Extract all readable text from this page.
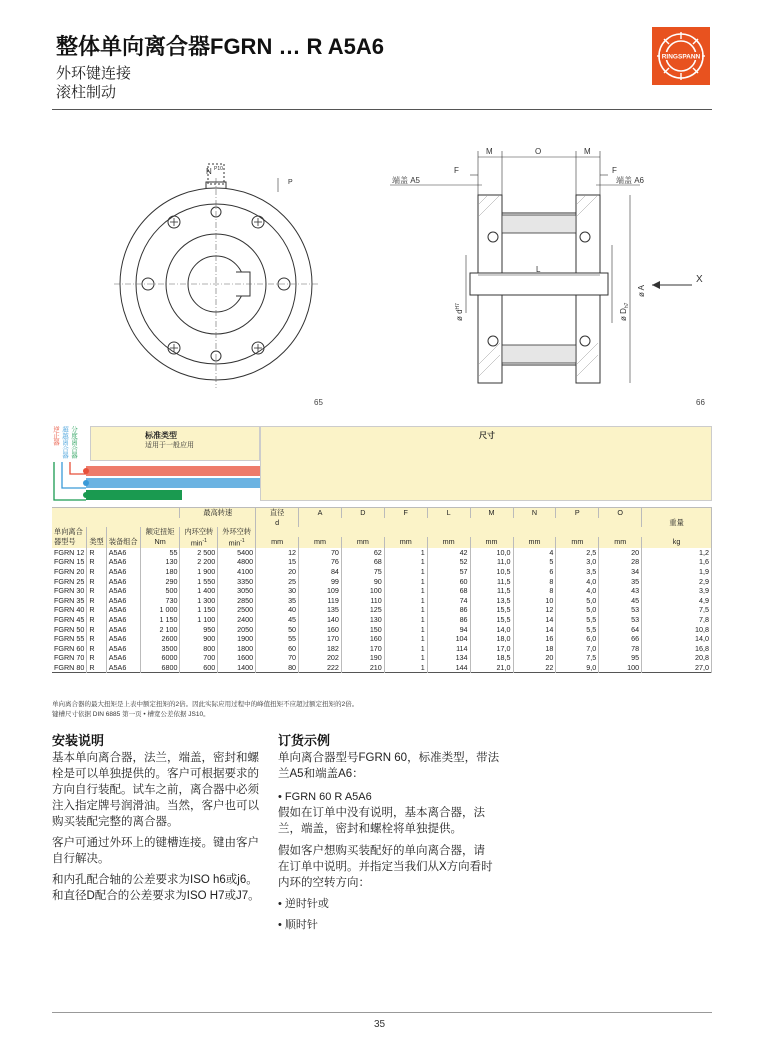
整体单向离合器FGRN … R A5A6
外环键连接
滚柱制动
RINGSPANN
N P10
P
65
M	O	M
F	F
端盖 A5	端盖 A6
L
ø $d^{H7}$
ø $D_{h7}$
ø A
X
66
逆止器 超越离合器 分度离合器	标准类型
适用于一般应用
尺寸
				最高转速		直径	A	D	F	L	M	N	P	O	
						d									重量
单向离合			额定扭矩	内环空转	外环空转										
器型号	类型	装备组合	Nm	$\min^{-1}$	$\min^{-1}$	mm	mm	mm	mm	mm	mm	mm	mm	mm	kg
FGRN 12	R	A5A6	55	2 500	5400	12	70	62	1	42	10,0	4	2,5	20	1,2
FGRN 15	R	A5A6	130	2 200	4800	15	76	68	1	52	11,0	5	3,0	28	1,6
FGRN 20	R	A5A6	180	1 900	4100	20	84	75	1	57	10,5	6	3,5	34	1,9
FGRN 25	R	A5A6	290	1 550	3350	25	99	90	1	60	11,5	8	4,0	35	2,9
FGRN 30	R	A5A6	500	1 400	3050	30	109	100	1	68	11,5	8	4,0	43	3,9
FGRN 35	R	A5A6	730	1 300	2850	35	119	110	1	74	13,5	10	5,0	45	4,9
FGRN 40	R	A5A6	1 000	1 150	2500	40	135	125	1	86	15,5	12	5,0	53	7,5
FGRN 45	R	A5A6	1 150	1 100	2400	45	140	130	1	86	15,5	14	5,5	53	7,8
FGRN 50	R	A5A6	2 100	950	2050	50	160	150	1	94	14,0	14	5,5	64	10,8
FGRN 55	R	A5A6	2600	900	1900	55	170	160	1	104	18,0	16	6,0	66	14,0
FGRN 60	R	A5A6	3500	800	1800	60	182	170	1	114	17,0	18	7,0	78	16,8
FGRN 70	R	A5A6	6000	700	1600	70	202	190	1	134	18,5	20	7,5	95	20,8
FGRN 80	R	A5A6	6800	600	1400	80	222	210	1	144	21,0	22	9,0	100	27,0
单向离合器的最大扭矩是上表中额定扭矩的2倍。因此实际应用过程中的峰值扭矩不应超过额定扭矩的2倍。
键槽尺寸依据 DIN 6885 第一页 • 槽宽公差依据 JS10。
安装说明
基本单向离合器，法兰，端盖，密封和螺
栓是可以单独提供的。客户可根据要求的
方向自行装配。试车之前，离合器中必须
注入指定牌号润滑油。当然，客户也可以
购买装配完整的离合器。
客户可通过外环上的键槽连接。键由客户
自行解决。
和内孔配合轴的公差要求为ISO h6或j6。
和直径D配合的公差要求为ISO H7或J7。
订货示例
单向离合器型号FGRN 60，标准类型，带法
兰A5和端盖A6：
• FGRN 60 R A5A6
假如在订单中没有说明，基本离合器，法
兰，端盖，密封和螺栓将单独提供。
假如客户想购买装配好的单向离合器，请
在订单中说明。并指定当我们从X方向看时
内环的空转方向：
• 逆时针或
• 顺时针
35
